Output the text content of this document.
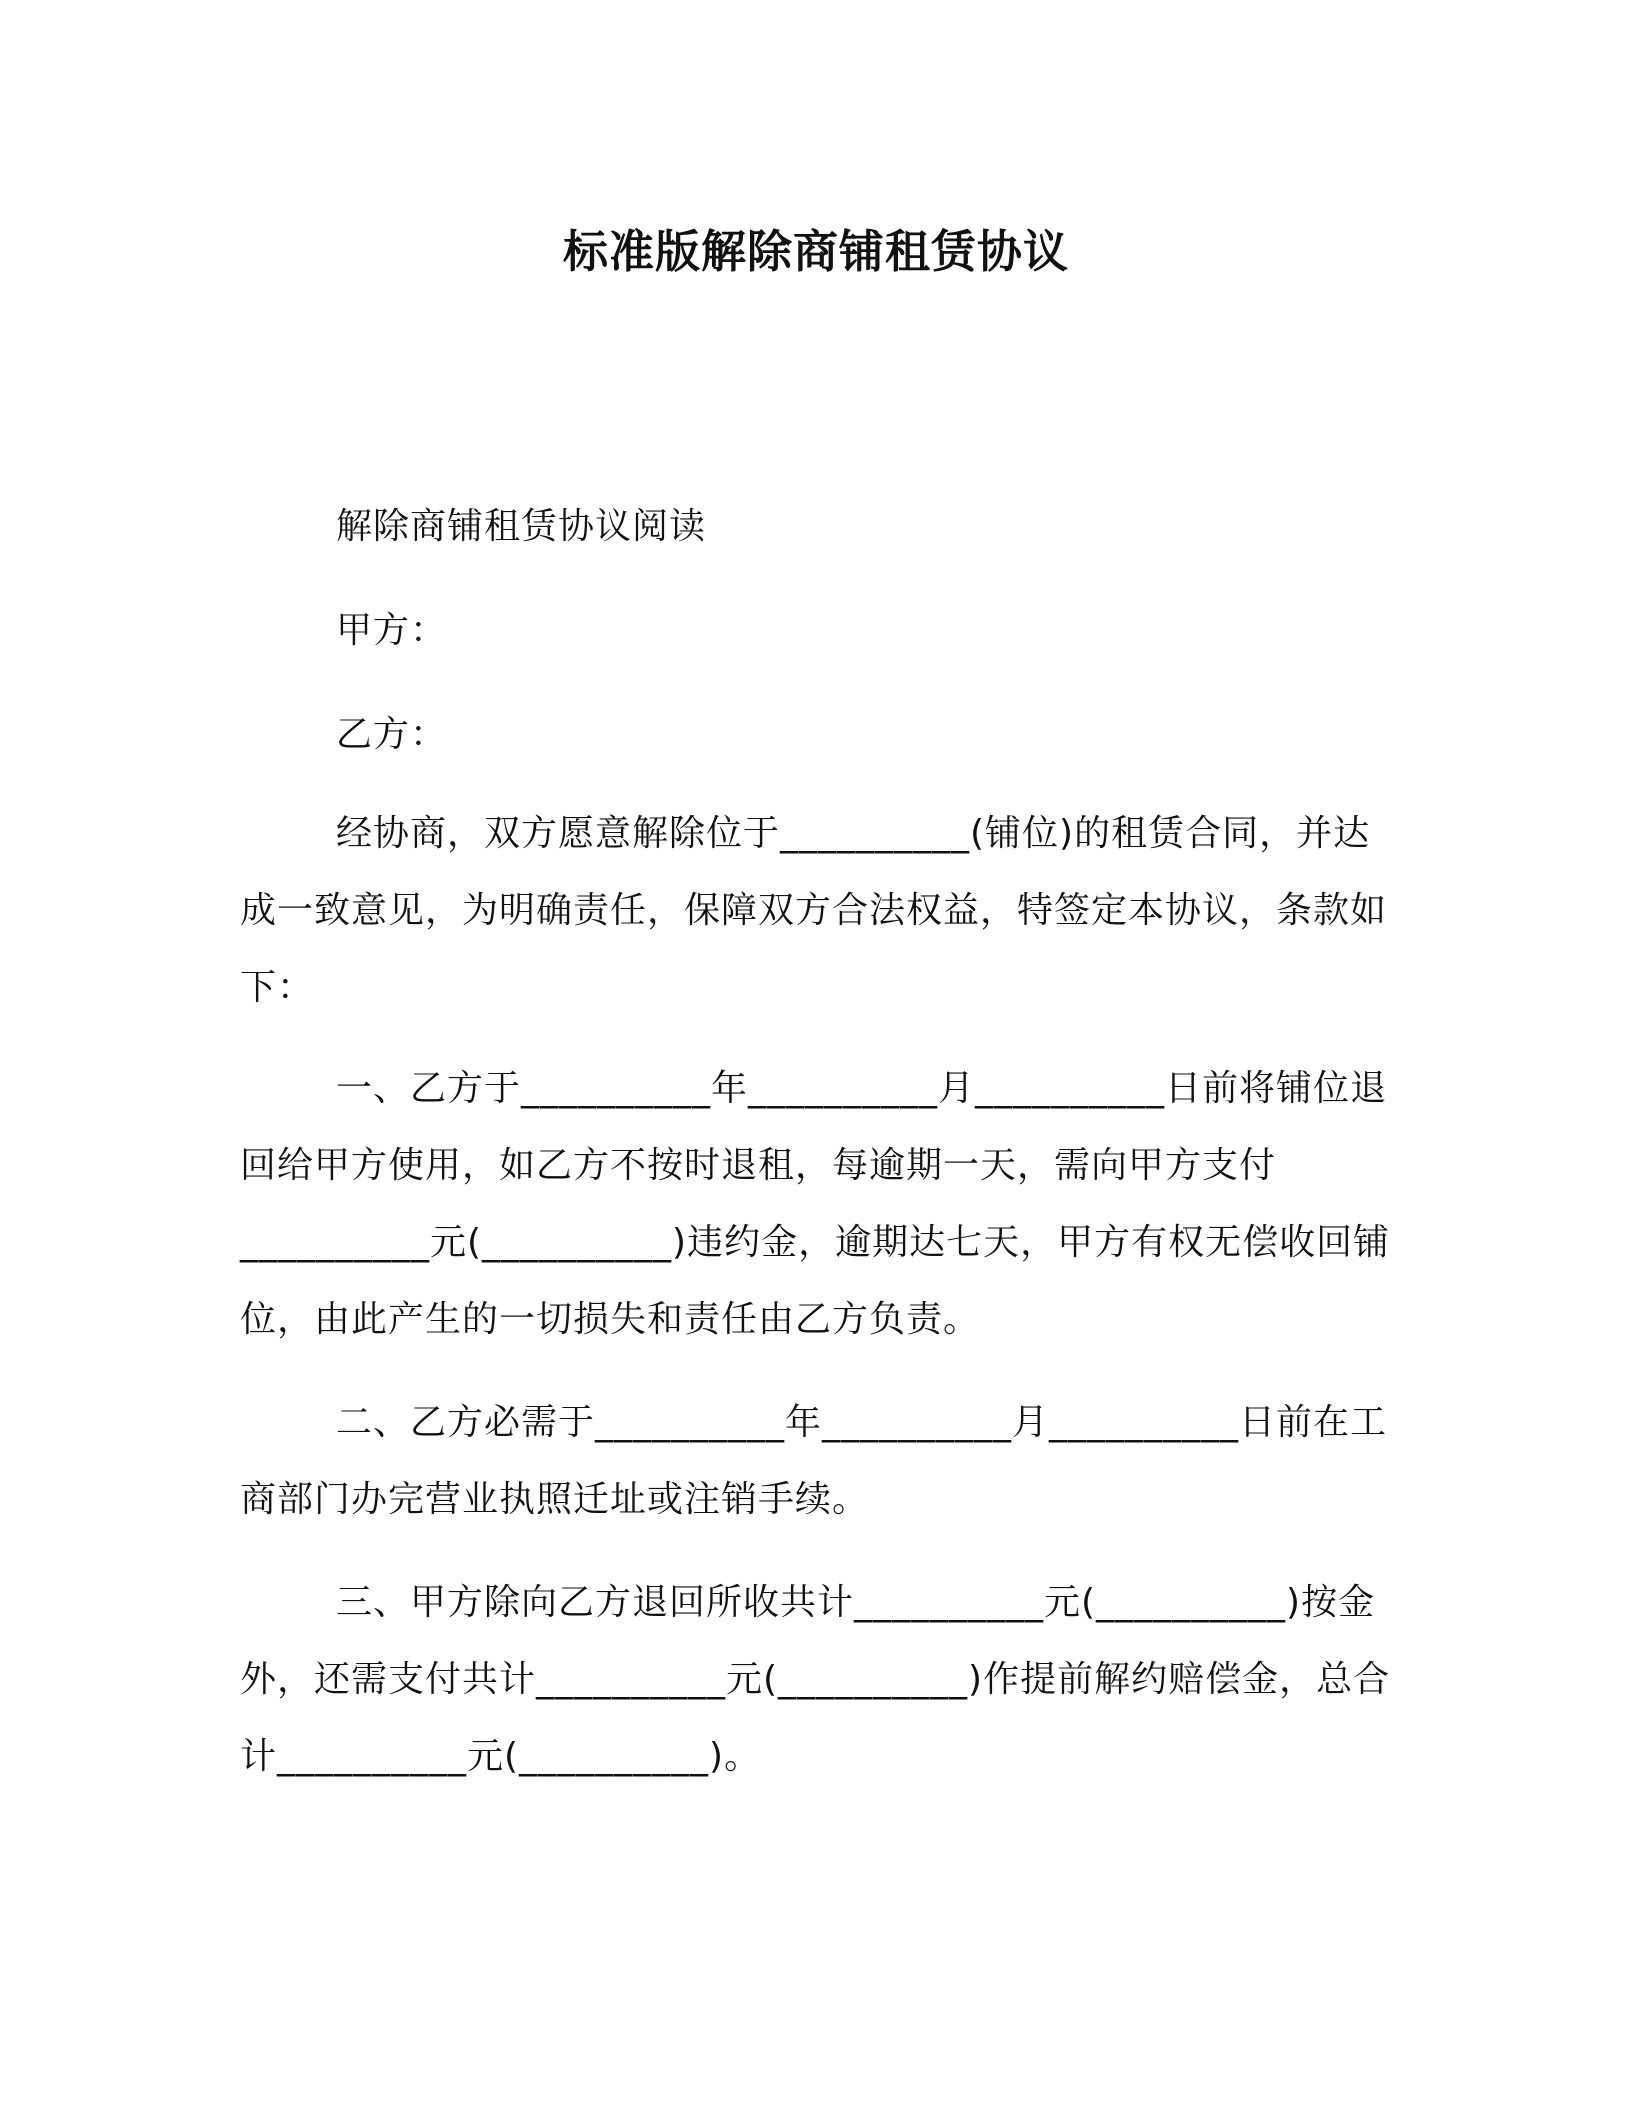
标准版解除商铺租赁协议

解除商铺租赁协议阅读

甲方：

乙方：

经协商，双方愿意解除位于__________(铺位)的租赁合同，并达成一致意见，为明确责任，保障双方合法权益，特签定本协议，条款如下：

一、乙方于__________年__________月__________日前将铺位退回给甲方使用，如乙方不按时退租，每逾期一天，需向甲方支付__________元(__________)违约金，逾期达七天，甲方有权无偿收回铺位，由此产生的一切损失和责任由乙方负责。

二、乙方必需于__________年__________月__________日前在工商部门办完营业执照迁址或注销手续。

三、甲方除向乙方退回所收共计__________元(__________)按金外，还需支付共计__________元(__________)作提前解约赔偿金，总合计__________元(__________)。
